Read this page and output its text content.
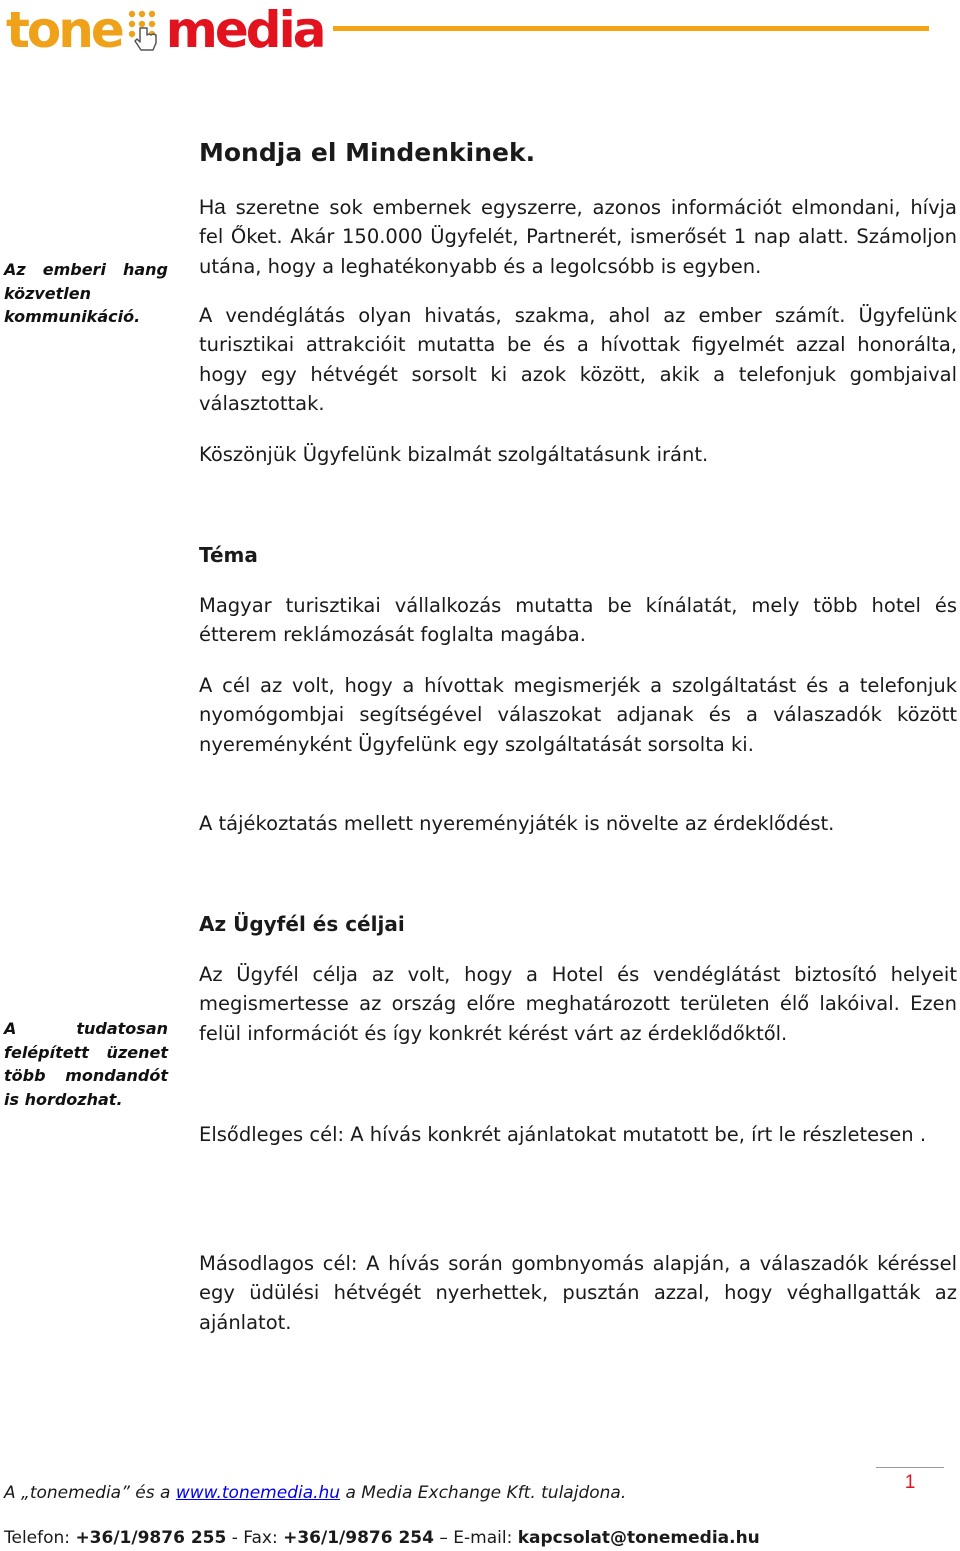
tone media
Az emberi hang közvetlen kommunikáció.
A tudatosan felépített üzenet több mondandót is hordozhat.
Mondja el Mindenkinek.

Ha szeretne sok embernek egyszerre, azonos információt elmondani, hívja fel Őket. Akár 150.000 Ügyfelét, Partnerét, ismerősét 1 nap alatt. Számoljon utána, hogy a leghatékonyabb és a legolcsóbb is egyben.

A vendéglátás olyan hivatás, szakma, ahol az ember számít. Ügyfelünk turisztikai attrakcióit mutatta be és a hívottak figyelmét azzal honorálta, hogy egy hétvégét sorsolt ki azok között, akik a telefonjuk gombjaival választottak.

Köszönjük Ügyfelünk bizalmát szolgáltatásunk iránt.

Téma

Magyar turisztikai vállalkozás mutatta be kínálatát, mely több hotel és étterem reklámozását foglalta magába.

A cél az volt, hogy a hívottak megismerjék a szolgáltatást és a telefonjuk nyomógombjai segítségével válaszokat adjanak és a válaszadók között nyereményként Ügyfelünk egy szolgáltatását sorsolta ki.

A tájékoztatás mellett nyereményjáték is növelte az érdeklődést.

Az Ügyfél és céljai

Az Ügyfél célja az volt, hogy a Hotel és vendéglátást biztosító helyeit megismertesse az ország előre meghatározott területen élő lakóival. Ezen felül információt és így konkrét kérést várt az érdeklődőktől.

Elsődleges cél: A hívás konkrét ajánlatokat mutatott be, írt le részletesen .

Másodlagos cél: A hívás során gombnyomás alapján, a válaszadók kéréssel egy üdülési hétvégét nyerhettek, pusztán azzal, hogy véghallgatták az ajánlatot.

1
A „tonemedia” és a www.tonemedia.hu a Media Exchange Kft. tulajdona.
Telefon: +36/1/9876 255 - Fax: +36/1/9876 254 – E-mail: kapcsolat@tonemedia.hu
